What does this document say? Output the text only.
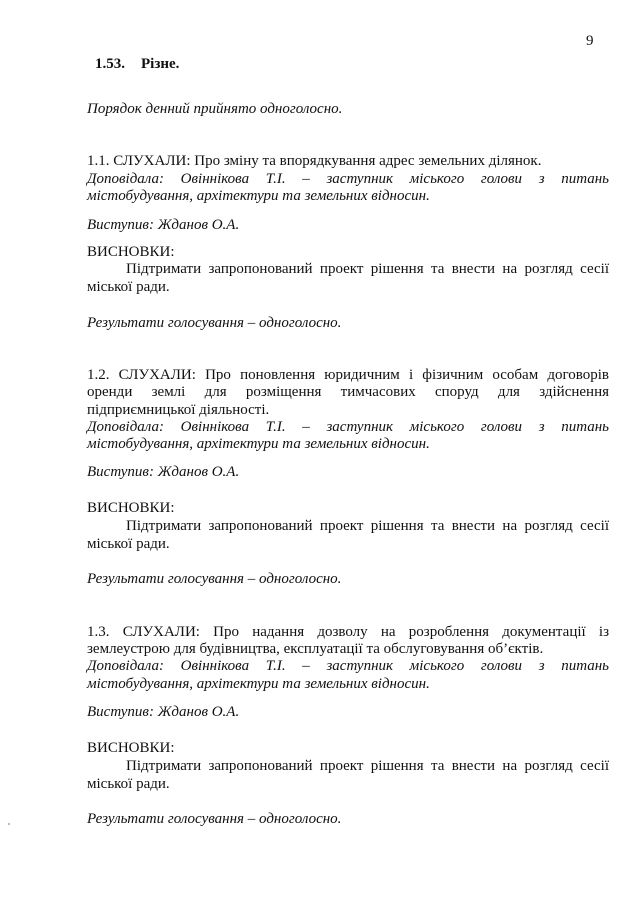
9
1.53. Різне.
Порядок денний прийнято одноголосно.
1.1. СЛУХАЛИ: Про зміну та впорядкування адрес земельних ділянок.
Доповідала: Овіннікова Т.І. – заступник міського голови з питань
містобудування, архітектури та земельних відносин.
Виступив: Жданов О.А.
ВИСНОВКИ:
Підтримати запропонований проект рішення та внести на розгляд сесії
міської ради.
Результати голосування – одноголосно.
1.2. СЛУХАЛИ: Про поновлення юридичним і фізичним особам договорів
оренди землі для розміщення тимчасових споруд для здійснення
підприємницької діяльності.
Доповідала: Овіннікова Т.І. – заступник міського голови з питань
містобудування, архітектури та земельних відносин.
Виступив: Жданов О.А.
ВИСНОВКИ:
Підтримати запропонований проект рішення та внести на розгляд сесії
міської ради.
Результати голосування – одноголосно.
1.3. СЛУХАЛИ: Про надання дозволу на розроблення документації із
землеустрою для будівництва, експлуатації та обслуговування об’єктів.
Доповідала: Овіннікова Т.І. – заступник міського голови з питань
містобудування, архітектури та земельних відносин.
Виступив: Жданов О.А.
ВИСНОВКИ:
Підтримати запропонований проект рішення та внести на розгляд сесії
міської ради.
Результати голосування – одноголосно.
